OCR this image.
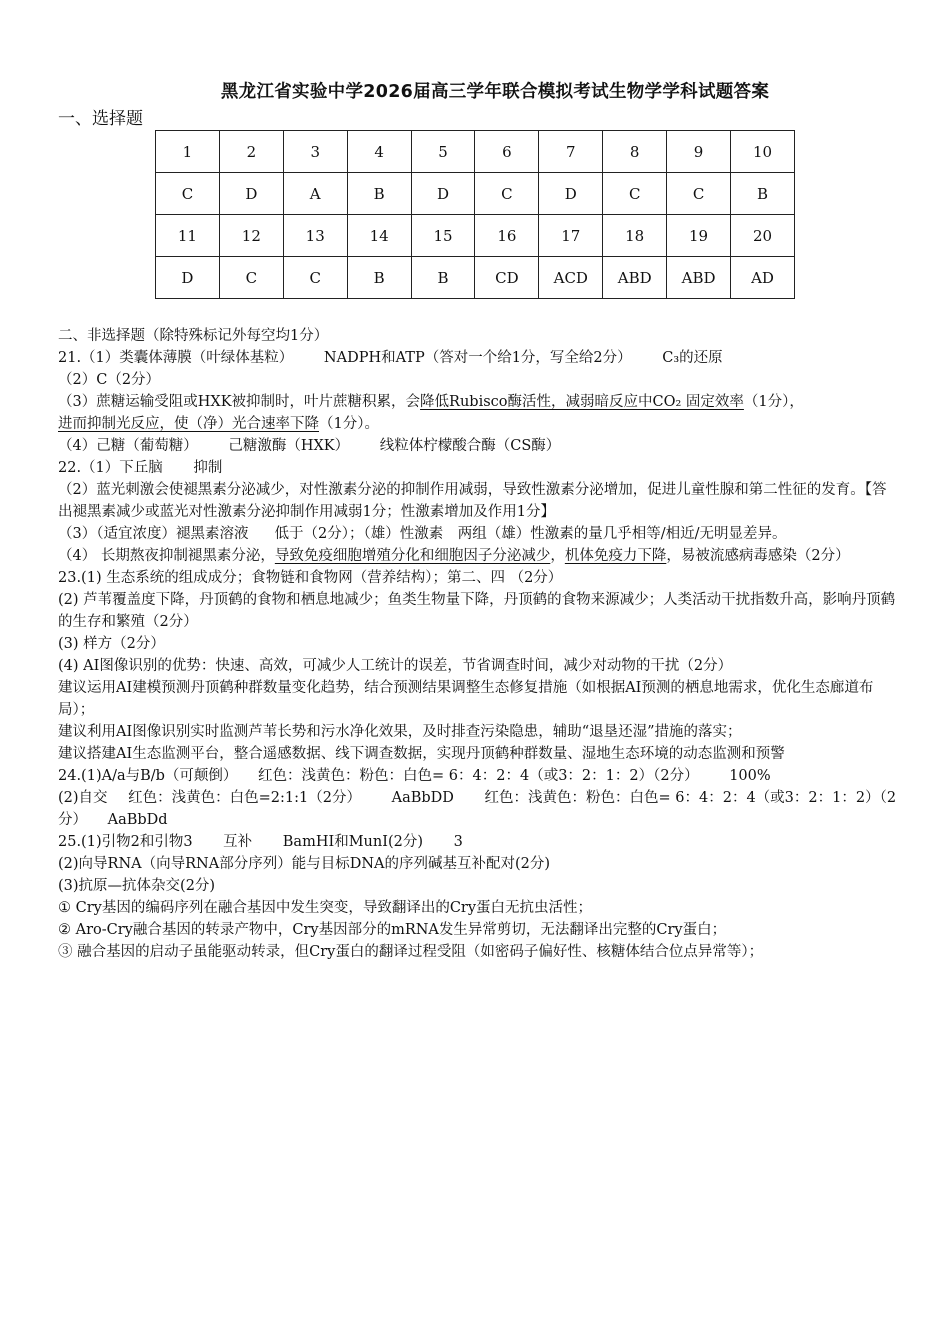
黑龙江省实验中学2026届高三学年联合模拟考试生物学学科试题答案
一、选择题
1	2	3	4	5	6	7	8	9	10
C	D	A	B	D	C	D	C	C	B
11	12	13	14	15	16	17	18	19	20
D	C	C	B	B	CD	ACD	ABD	ABD	AD
二、非选择题（除特殊标记外每空均1分）
21.（1）类囊体薄膜（叶绿体基粒） NADPH和ATP（答对一个给1分，写全给2分） C₃的还原
（2）C（2分）
（3）蔗糖运输受阻或HXK被抑制时，叶片蔗糖积累，会降低Rubisco酶活性，减弱暗反应中CO₂ 固定效率（1分），
进而抑制光反应，使（净）光合速率下降（1分）。
（4）己糖（葡萄糖） 己糖激酶（HXK） 线粒体柠檬酸合酶（CS酶）
22.（1）下丘脑 抑制
（2）蓝光刺激会使褪黑素分泌减少，对性激素分泌的抑制作用减弱，导致性激素分泌增加，促进儿童性腺和第二性征的发育。【答出褪黑素减少或蓝光对性激素分泌抑制作用减弱1分；性激素增加及作用1分】
（3）（适宜浓度）褪黑素溶液 低于（2分）；（雄）性激素　两组（雄）性激素的量几乎相等/相近/无明显差异。
（4） 长期熬夜抑制褪黑素分泌，导致免疫细胞增殖分化和细胞因子分泌减少，机体免疫力下降，易被流感病毒感染（2分）
23.(1) 生态系统的组成成分；食物链和食物网（营养结构）；第二、四 （2分）
(2) 芦苇覆盖度下降，丹顶鹤的食物和栖息地减少；鱼类生物量下降，丹顶鹤的食物来源减少；人类活动干扰指数升高，影响丹顶鹤的生存和繁殖（2分）
(3) 样方（2分）
(4) AI图像识别的优势：快速、高效，可减少人工统计的误差，节省调查时间，减少对动物的干扰（2分）
建议运用AI建模预测丹顶鹤种群数量变化趋势，结合预测结果调整生态修复措施（如根据AI预测的栖息地需求，优化生态廊道布局）；
建议利用AI图像识别实时监测芦苇长势和污水净化效果，及时排查污染隐患，辅助“退垦还湿”措施的落实；
建议搭建AI生态监测平台，整合遥感数据、线下调查数据，实现丹顶鹤种群数量、湿地生态环境的动态监测和预警
24.(1)A/a与B/b（可颠倒） 红色：浅黄色：粉色：白色= 6：4：2：4（或3：2：1：2）（2分） 100%
(2)自交 红色：浅黄色：白色=2:1:1（2分） AaBbDD 红色：浅黄色：粉色：白色= 6：4：2：4（或3：2：1：2）（2分） AaBbDd
25.(1)引物2和引物3 互补 BamHI和MunI(2分) 3
(2)向导RNA（向导RNA部分序列）能与目标DNA的序列碱基互补配对(2分)
(3)抗原—抗体杂交(2分)
① Cry基因的编码序列在融合基因中发生突变，导致翻译出的Cry蛋白无抗虫活性；
② Aro-Cry融合基因的转录产物中，Cry基因部分的mRNA发生异常剪切，无法翻译出完整的Cry蛋白；
③ 融合基因的启动子虽能驱动转录，但Cry蛋白的翻译过程受阻（如密码子偏好性、核糖体结合位点异常等）；
